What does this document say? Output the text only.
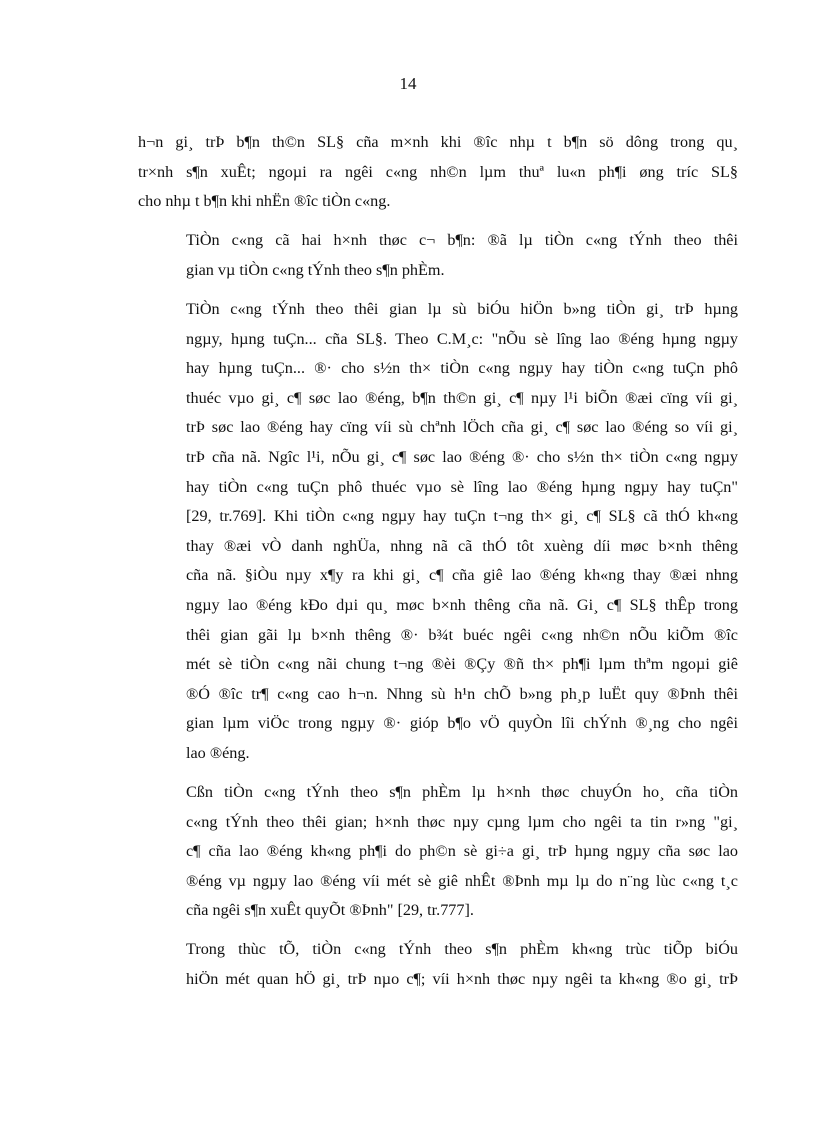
14

h¬n gi¸ trÞ b¶n th©n SL§ cña m×nh khi ®îc nhµ t b¶n sö dông trong qu¸
tr×nh s¶n xuÊt; ngoµi ra ngêi c«ng nh©n lµm thuª lu«n ph¶i øng tríc SL§
cho nhµ t b¶n khi nhËn ®îc tiÒn c«ng.

TiÒn c«ng cã hai h×nh thøc c¬ b¶n: ®ã lµ tiÒn c«ng tÝnh theo thêi
gian vµ tiÒn c«ng tÝnh theo s¶n phÈm.

TiÒn c«ng tÝnh theo thêi gian lµ sù biÓu hiÖn b»ng tiÒn gi¸ trÞ hµng
ngµy, hµng tuÇn... cña SL§. Theo C.M¸c: "nÕu sè lîng lao ®éng hµng ngµy
hay hµng tuÇn... ®· cho s½n th× tiÒn c«ng ngµy hay tiÒn c«ng tuÇn phô
thuéc vµo gi¸ c¶ søc lao ®éng, b¶n th©n gi¸ c¶ nµy l¹i biÕn ®æi cïng víi gi¸
trÞ søc lao ®éng hay cïng víi sù chªnh lÖch cña gi¸ c¶ søc lao ®éng so víi gi¸
trÞ cña nã. Ngîc l¹i, nÕu gi¸ c¶ søc lao ®éng ®· cho s½n th× tiÒn c«ng ngµy
hay tiÒn c«ng tuÇn phô thuéc vµo sè lîng lao ®éng hµng ngµy hay tuÇn"
[29, tr.769]. Khi tiÒn c«ng ngµy hay tuÇn t¬ng th× gi¸ c¶ SL§ cã thÓ kh«ng
thay ®æi vÒ danh nghÜa, nhng nã cã thÓ tôt xuèng díi møc b×nh thêng
cña nã. §iÒu nµy x¶y ra khi gi¸ c¶ cña giê lao ®éng kh«ng thay ®æi nhng
ngµy lao ®éng kÐo dµi qu¸ møc b×nh thêng cña nã. Gi¸ c¶ SL§ thÊp trong
thêi gian gãi lµ b×nh thêng ®· b¾t buéc ngêi c«ng nh©n nÕu kiÕm ®îc
mét sè tiÒn c«ng nãi chung t¬ng ®èi ®Çy ®ñ th× ph¶i lµm thªm ngoµi giê
®Ó ®îc tr¶ c«ng cao h¬n. Nhng sù h¹n chÕ b»ng ph¸p luËt quy ®Þnh thêi
gian lµm viÖc trong ngµy ®· gióp b¶o vÖ quyÒn lîi chÝnh ®¸ng cho ngêi
lao ®éng.

Cßn tiÒn c«ng tÝnh theo s¶n phÈm lµ h×nh thøc chuyÓn ho¸ cña tiÒn
c«ng tÝnh theo thêi gian; h×nh thøc nµy cµng lµm cho ngêi ta tin r»ng "gi¸
c¶ cña lao ®éng kh«ng ph¶i do ph©n sè gi÷a gi¸ trÞ hµng ngµy cña søc lao
®éng vµ ngµy lao ®éng víi mét sè giê nhÊt ®Þnh mµ lµ do n¨ng lùc c«ng t¸c
cña ngêi s¶n xuÊt quyÕt ®Þnh" [29, tr.777].

Trong thùc tÕ, tiÒn c«ng tÝnh theo s¶n phÈm kh«ng trùc tiÕp biÓu
hiÖn mét quan hÖ gi¸ trÞ nµo c¶; víi h×nh thøc nµy ngêi ta kh«ng ®o gi¸ trÞ
